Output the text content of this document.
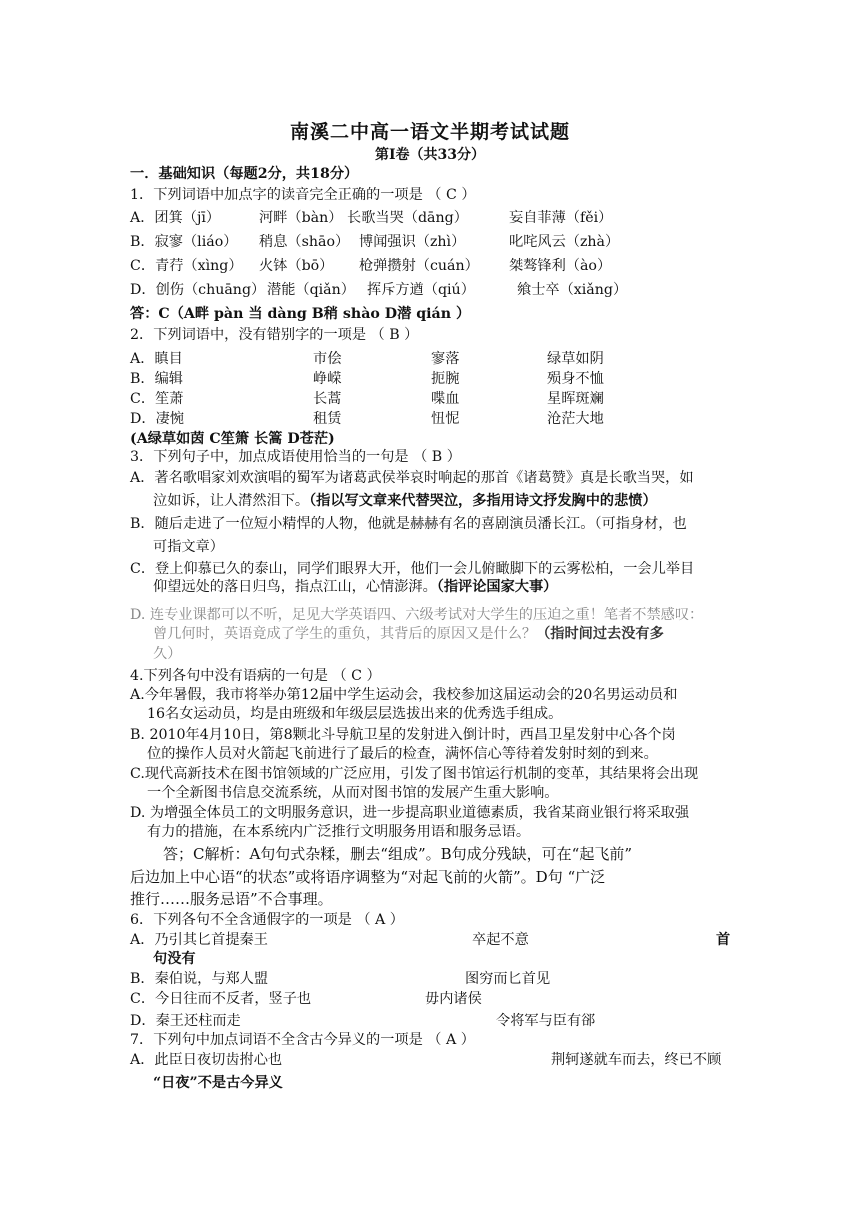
南溪二中高一语文半期考试试题
第Ⅰ卷（共33分）
一．基础知识（每题2分，共18分）
1．下列词语中加点字的读音完全正确的一项是 （ C ）
A．团箕（jī）	河畔（bàn） 长歌当哭（dāng）	妄自菲薄（fěi）
B．寂寥（liáo） 稍息（shāo） 博闻强识（zhì）	叱咤风云（zhà）
C．青荇（xìng） 火钵（bō） 枪弹攒射（cuán） 桀骜锋利（ào）
D．创伤（chuāng） 潜能（qiǎn） 挥斥方遒（qiú）	飨士卒（xiǎng）
答：C（A畔 pàn 当 dàng B稍 shào D潜 qián ）
2．下列词语中，没有错别字的一项是 （ B ）
A．瞋目	市侩	寥落	绿草如阴
B．编辑	峥嵘	扼腕	殒身不恤
C．笙萧	长蒿	喋血	星晖斑斓
D．凄惋	租赁	忸怩	沧茫大地
(A绿草如茵 C笙箫 长篙 D苍茫)
3．下列句子中，加点成语使用恰当的一句是 （ B ）
A．著名歌唱家刘欢演唱的蜀军为诸葛武侯举哀时响起的那首《诸葛赞》真是长歌当哭，如
泣如诉，让人潸然泪下。（指以写文章来代替哭泣，多指用诗文抒发胸中的悲愤）
B．随后走进了一位短小精悍的人物，他就是赫赫有名的喜剧演员潘长江。（可指身材，也
可指文章）
C．登上仰慕已久的泰山，同学们眼界大开，他们一会儿俯瞰脚下的云雾松柏，一会儿举目
仰望远处的落日归鸟，指点江山，心情澎湃。（指评论国家大事）
D. 连专业课都可以不听，足见大学英语四、六级考试对大学生的压迫之重！笔者不禁感叹：
曾几何时，英语竟成了学生的重负，其背后的原因又是什么？（指时间过去没有多
久）
4.下列各句中没有语病的一句是 （ C ）
A.今年暑假，我市将举办第12届中学生运动会，我校参加这届运动会的20名男运动员和
16名女运动员，均是由班级和年级层层选拔出来的优秀选手组成。
B. 2010年4月10日，第8颗北斗导航卫星的发射进入倒计时，西昌卫星发射中心各个岗
位的操作人员对火箭起飞前进行了最后的检查，满怀信心等待着发射时刻的到来。
C.现代高新技术在图书馆领域的广泛应用，引发了图书馆运行机制的变革，其结果将会出现
一个全新图书信息交流系统，从而对图书馆的发展产生重大影响。
D. 为增强全体员工的文明服务意识，进一步提高职业道德素质，我省某商业银行将采取强
有力的措施，在本系统内广泛推行文明服务用语和服务忌语。
答；C解析：A句句式杂糅，删去“组成”。B句成分残缺，可在“起飞前”
后边加上中心语“的状态”或将语序调整为“对起飞前的火箭”。D句 “广泛
推行……服务忌语”不合事理。
6．下列各句不全含通假字的一项是 （ A ）
A．乃引其匕首提秦王	卒起不意	首
句没有
B．秦伯说，与郑人盟	图穷而匕首见
C．今日往而不反者，竖子也	毋内诸侯
D．秦王还柱而走	令将军与臣有郤
7．下列句中加点词语不全含古今异义的一项是 （ A ）
A．此臣日夜切齿拊心也	荆轲遂就车而去，终已不顾
“日夜”不是古今异义
